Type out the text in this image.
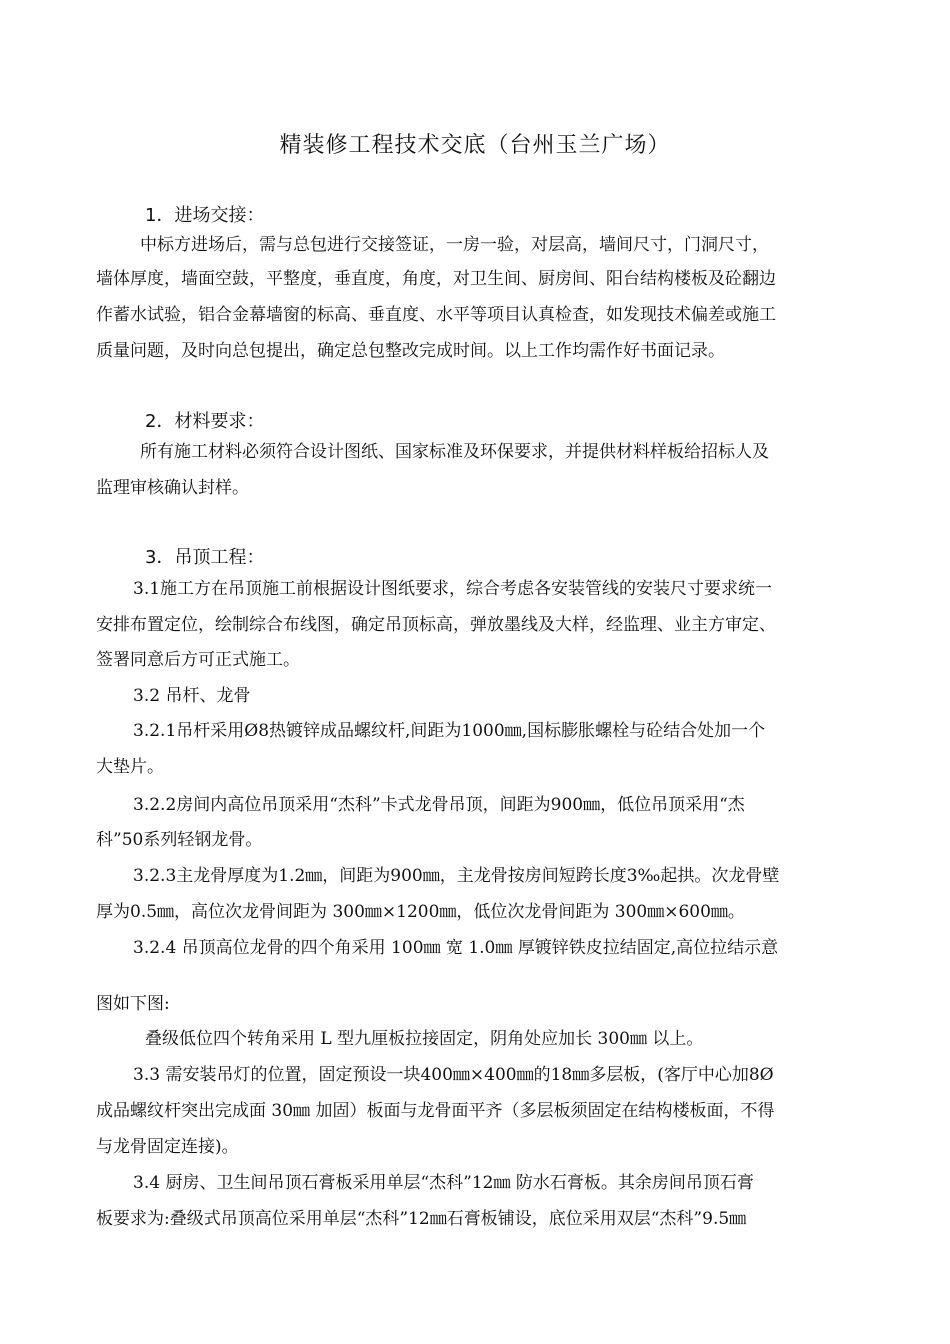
精装修工程技术交底（台州玉兰广场）
1．进场交接：
中标方进场后，需与总包进行交接签证，一房一验，对层高，墙间尺寸，门洞尺寸，
墙体厚度，墙面空鼓，平整度，垂直度，角度，对卫生间、厨房间、阳台结构楼板及砼翻边
作蓄水试验，铝合金幕墙窗的标高、垂直度、水平等项目认真检查，如发现技术偏差或施工
质量问题，及时向总包提出，确定总包整改完成时间。以上工作均需作好书面记录。
2．材料要求：
所有施工材料必须符合设计图纸、国家标准及环保要求，并提供材料样板给招标人及
监理审核确认封样。
3．吊顶工程：
3.1施工方在吊顶施工前根据设计图纸要求，综合考虑各安装管线的安装尺寸要求统一
安排布置定位，绘制综合布线图，确定吊顶标高，弹放墨线及大样，经监理、业主方审定、
签署同意后方可正式施工。
3.2 吊杆、龙骨
3.2.1吊杆采用Ø8热镀锌成品螺纹杆,间距为1000㎜,国标膨胀螺栓与砼结合处加一个
大垫片。
3.2.2房间内高位吊顶采用“杰科”卡式龙骨吊顶，间距为900㎜，低位吊顶采用“杰
科”50系列轻钢龙骨。
3.2.3主龙骨厚度为1.2㎜，间距为900㎜，主龙骨按房间短跨长度3‰起拱。次龙骨壁
厚为0.5㎜，高位次龙骨间距为 300㎜×1200㎜，低位次龙骨间距为 300㎜×600㎜。
3.2.4 吊顶高位龙骨的四个角采用 100㎜ 宽 1.0㎜ 厚镀锌铁皮拉结固定,高位拉结示意
图如下图:
叠级低位四个转角采用 L 型九厘板拉接固定，阴角处应加长 300㎜ 以上。
3.3 需安装吊灯的位置，固定预设一块400㎜×400㎜的18㎜多层板，(客厅中心加8Ø
成品螺纹杆突出完成面 30㎜ 加固）板面与龙骨面平齐（多层板须固定在结构楼板面，不得
与龙骨固定连接)。
3.4 厨房、卫生间吊顶石膏板采用单层“杰科”12㎜ 防水石膏板。其余房间吊顶石膏
板要求为:叠级式吊顶高位采用单层“杰科”12㎜石膏板铺设，底位采用双层“杰科”9.5㎜
